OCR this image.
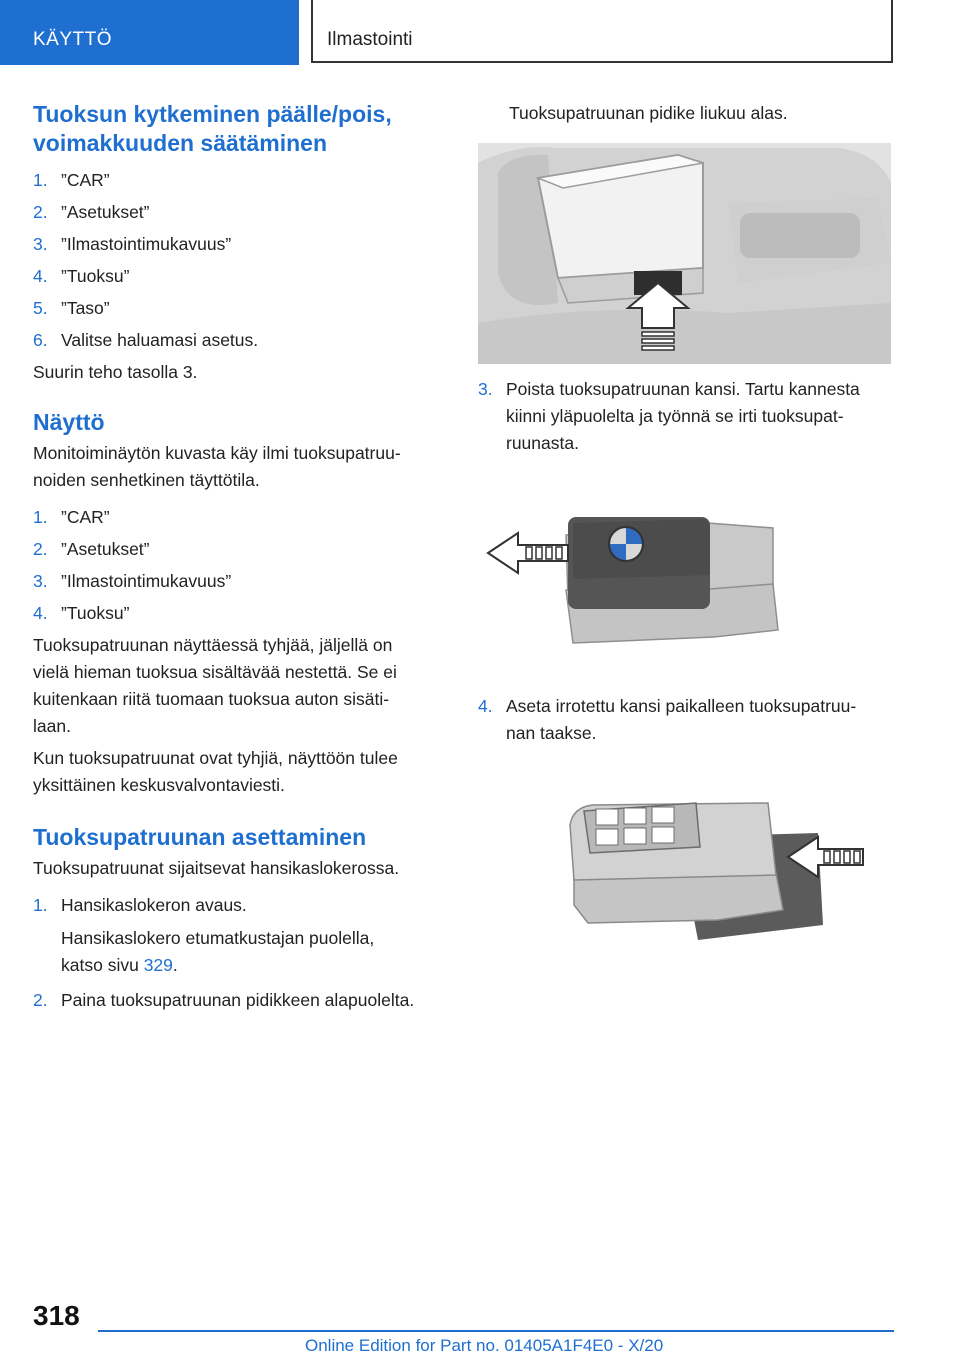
KÄYTTÖ	Ilmastointi
Tuoksun kytkeminen päälle/pois,
voimakkuuden säätäminen
1. ”CAR”
2. ”Asetukset”
3. ”Ilmastointimukavuus”
4. ”Tuoksu”
5. ”Taso”
6. Valitse haluamasi asetus.

Suurin teho tasolla 3.

Näyttö

Monitoiminäytön kuvasta käy ilmi tuoksupatruu-
noiden senhetkinen täyttötila.

1. ”CAR”
2. ”Asetukset”
3. ”Ilmastointimukavuus”
4. ”Tuoksu”

Tuoksupatruunan näyttäessä tyhjää, jäljellä on
vielä hieman tuoksua sisältävää nestettä. Se ei
kuitenkaan riitä tuomaan tuoksua auton sisäti-
laan.

Kun tuoksupatruunat ovat tyhjiä, näyttöön tulee
yksittäinen keskusvalvontaviesti.

Tuoksupatruunan asettaminen

Tuoksupatruunat sijaitsevat hansikaslokerossa.

1. Hansikaslokeron avaus.
Hansikaslokero etumatkustajan puolella,
katso sivu 329.
2. Paina tuoksupatruunan pidikkeen alapuolelta.

Tuoksupatruunan pidike liukuu alas.

3. Poista tuoksupatruunan kansi. Tartu kannesta
kiinni yläpuolelta ja työnnä se irti tuoksupat-
ruunasta.
4. Aseta irrotettu kansi paikalleen tuoksupatruu-
nan taakse.
318
Online Edition for Part no. 01405A1F4E0 - X/20
